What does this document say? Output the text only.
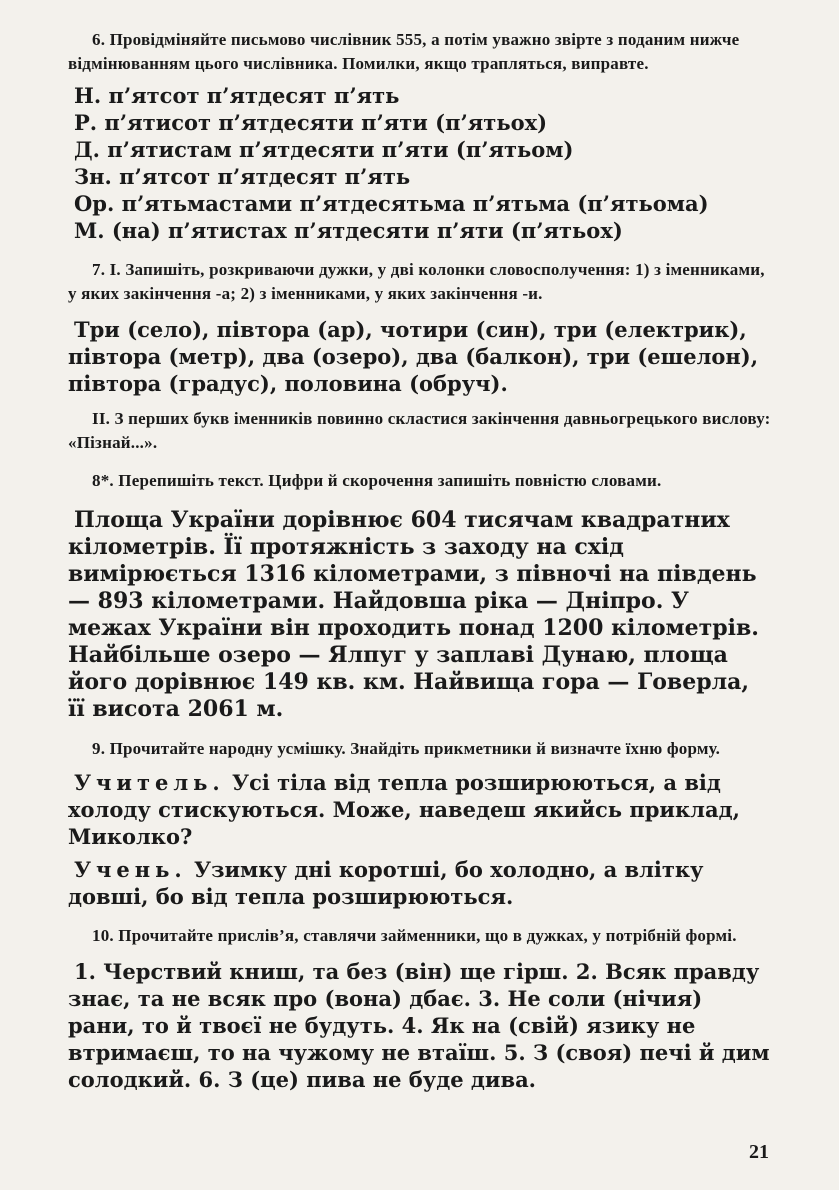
6. Провідміняйте письмово числівник 555, а потім уважно звірте з поданим нижче відмінюванням цього числівника. Помилки, якщо трапляться, виправте.

Н. п’ятсот п’ятдесят п’ять
Р. п’ятисот п’ятдесяти п’яти (п’ятьох)
Д. п’ятистам п’ятдесяти п’яти (п’ятьом)
Зн. п’ятсот п’ятдесят п’ять
Ор. п’ятьмастами п’ятдесятьма п’ятьма (п’ятьома)
М. (на) п’ятистах п’ятдесяти п’яти (п’ятьох)

7. І. Запишіть, розкриваючи дужки, у дві колонки словосполучення: 1) з іменниками, у яких закінчення -а; 2) з іменниками, у яких закінчення -и.

Три (село), півтора (ар), чотири (син), три (електрик), півтора (метр), два (озеро), два (балкон), три (ешелон), півтора (градус), половина (обруч).

II. З перших букв іменників повинно скластися закінчення давньогрецького вислову: «Пізнай...».

8*. Перепишіть текст. Цифри й скорочення запишіть повністю словами.

Площа України дорівнює 604 тисячам квадратних кілометрів. Її протяжність з заходу на схід вимірюється 1316 кілометрами, з півночі на південь — 893 кілометрами. Найдовша ріка — Дніпро. У межах України він проходить понад 1200 кілометрів. Найбільше озеро — Ялпуг у заплаві Дунаю, площа його дорівнює 149 кв. км. Найвища гора — Говерла, її висота 2061 м.

9. Прочитайте народну усмішку. Знайдіть прикметники й визначте їхню форму.

Учитель. Усі тіла від тепла розширюються, а від холоду стискуються. Може, наведеш якийсь приклад, Миколко?

Учень. Узимку дні коротші, бо холодно, а влітку довші, бо від тепла розширюються.

10. Прочитайте прислів’я, ставлячи займенники, що в дужках, у потрібній формі.

1. Черствий книш, та без (він) ще гірш. 2. Всяк правду знає, та не всяк про (вона) дбає. 3. Не соли (нічия) рани, то й твоєї не будуть. 4. Як на (свій) язику не втримаєш, то на чужому не втаїш. 5. З (своя) печі й дим солодкий. 6. З (це) пива не буде дива.

21
